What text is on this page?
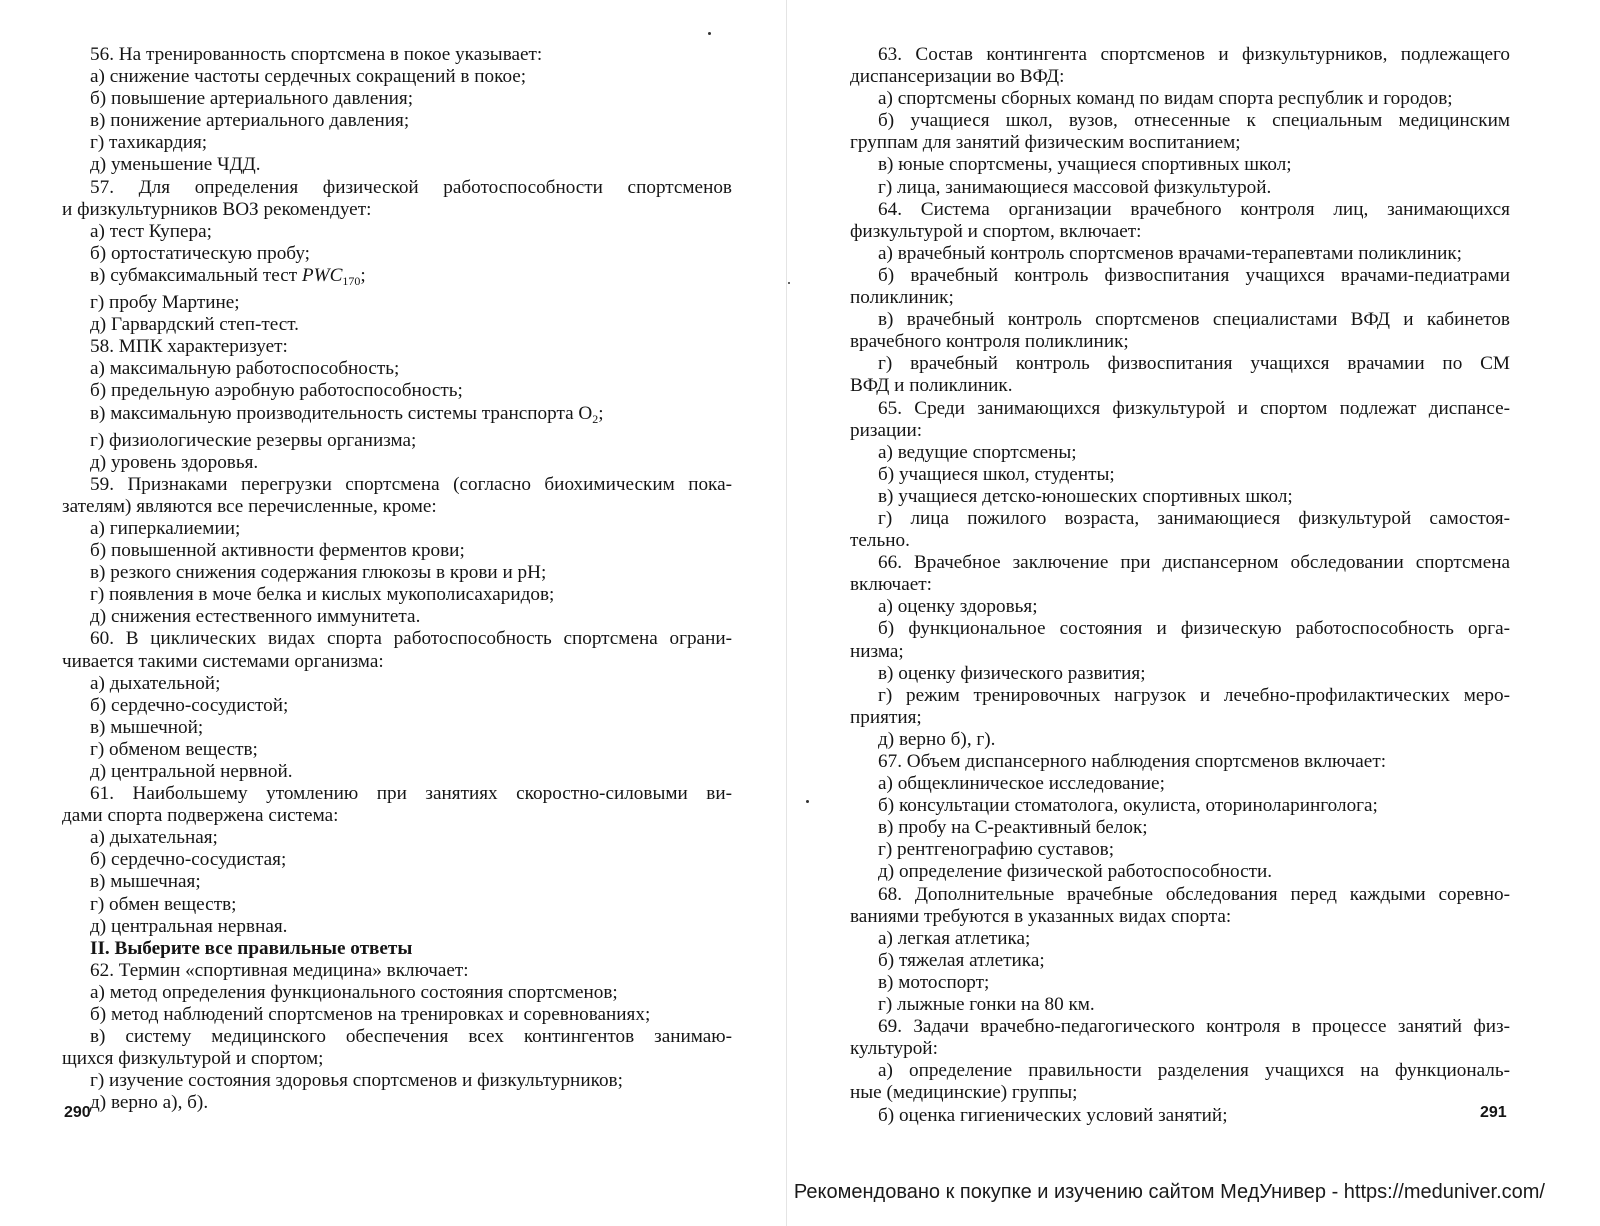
56. На тренированность спортсмена в покое указывает:
а) снижение частоты сердечных сокращений в покое;
б) повышение артериального давления;
в) понижение артериального давления;
г) тахикардия;
д) уменьшение ЧДД.
57. Для определения физической работоспособности спортсменов
и физкультурников ВОЗ рекомендует:
а) тест Купера;
б) ортостатическую пробу;
в) субмаксимальный тест $PWC_{170}$;
г) пробу Мартине;
д) Гарвардский степ-тест.
58. МПК характеризует:
а) максимальную работоспособность;
б) предельную аэробную работоспособность;
в) максимальную производительность системы транспорта $O_2$;
г) физиологические резервы организма;
д) уровень здоровья.
59. Признаками перегрузки спортсмена (согласно биохимическим пока-
зателям) являются все перечисленные, кроме:
а) гиперкалиемии;
б) повышенной активности ферментов крови;
в) резкого снижения содержания глюкозы в крови и pH;
г) появления в моче белка и кислых мукополисахаридов;
д) снижения естественного иммунитета.
60. В циклических видах спорта работоспособность спортсмена ограни-
чивается такими системами организма:
а) дыхательной;
б) сердечно-сосудистой;
в) мышечной;
г) обменом веществ;
д) центральной нервной.
61. Наибольшему утомлению при занятиях скоростно-силовыми ви-
дами спорта подвержена система:
а) дыхательная;
б) сердечно-сосудистая;
в) мышечная;
г) обмен веществ;
д) центральная нервная.
II. Выберите все правильные ответы
62. Термин «спортивная медицина» включает:
а) метод определения функционального состояния спортсменов;
б) метод наблюдений спортсменов на тренировках и соревнованиях;
в) систему медицинского обеспечения всех контингентов занимаю-
щихся физкультурой и спортом;
г) изучение состояния здоровья спортсменов и физкультурников;
д) верно а), б).
290
63. Состав контингента спортсменов и физкультурников, подлежащего
диспансеризации во ВФД:
а) спортсмены сборных команд по видам спорта республик и городов;
б) учащиеся школ, вузов, отнесенные к специальным медицинским
группам для занятий физическим воспитанием;
в) юные спортсмены, учащиеся спортивных школ;
г) лица, занимающиеся массовой физкультурой.
64. Система организации врачебного контроля лиц, занимающихся
физкультурой и спортом, включает:
а) врачебный контроль спортсменов врачами-терапевтами поликлиник;
б) врачебный контроль физвоспитания учащихся врачами-педиатрами
поликлиник;
в) врачебный контроль спортсменов специалистами ВФД и кабинетов
врачебного контроля поликлиник;
г) врачебный контроль физвоспитания учащихся врачамии по СМ
ВФД и поликлиник.
65. Среди занимающихся физкультурой и спортом подлежат диспансе-
ризации:
а) ведущие спортсмены;
б) учащиеся школ, студенты;
в) учащиеся детско-юношеских спортивных школ;
г) лица пожилого возраста, занимающиеся физкультурой самостоя-
тельно.
66. Врачебное заключение при диспансерном обследовании спортсмена
включает:
а) оценку здоровья;
б) функциональное состояния и физическую работоспособность орга-
низма;
в) оценку физического развития;
г) режим тренировочных нагрузок и лечебно-профилактических меро-
приятия;
д) верно б), г).
67. Объем диспансерного наблюдения спортсменов включает:
а) общеклиническое исследование;
б) консультации стоматолога, окулиста, оториноларинголога;
в) пробу на С-реактивный белок;
г) рентгенографию суставов;
д) определение физической работоспособности.
68. Дополнительные врачебные обследования перед каждыми соревно-
ваниями требуются в указанных видах спорта:
а) легкая атлетика;
б) тяжелая атлетика;
в) мотоспорт;
г) лыжные гонки на 80 км.
69. Задачи врачебно-педагогического контроля в процессе занятий физ-
культурой:
а) определение правильности разделения учащихся на функциональ-
ные (медицинские) группы;
б) оценка гигиенических условий занятий;	291
Рекомендовано к покупке и изучению сайтом МедУнивер - https://meduniver.com/
